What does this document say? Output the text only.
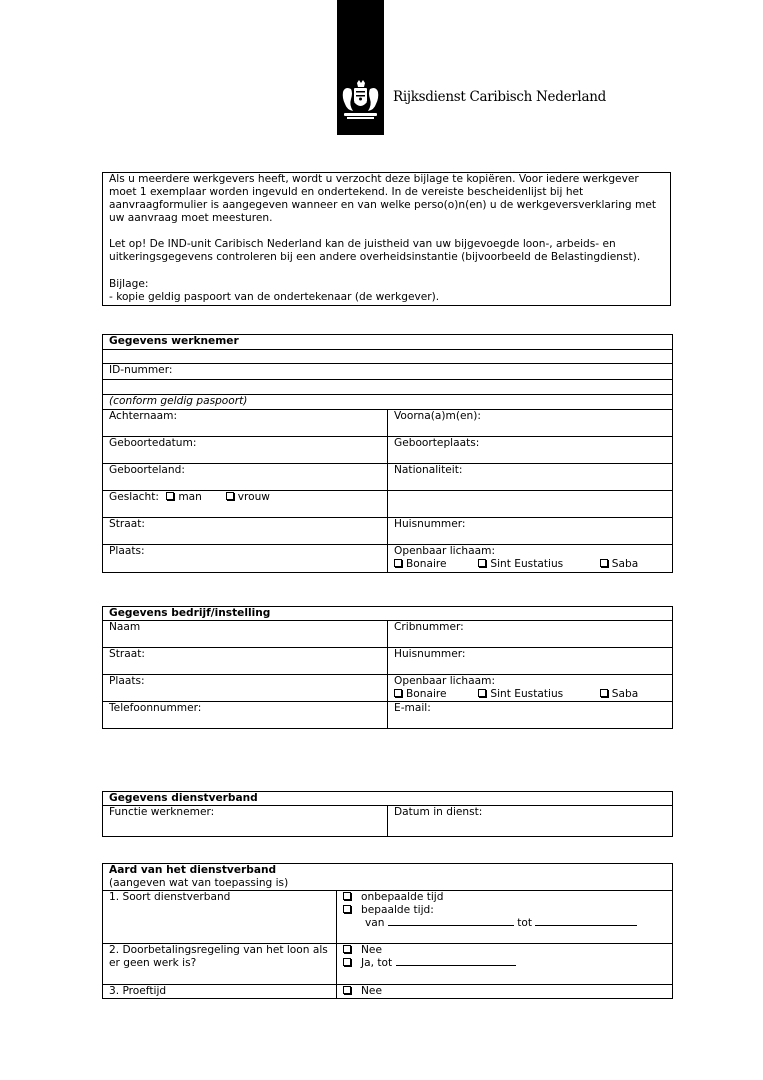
Rijksdienst Caribisch Nederland

Als u meerdere werkgevers heeft, wordt u verzocht deze bijlage te kopiëren. Voor iedere werkgever moet 1 exemplaar worden ingevuld en ondertekend. In de vereiste bescheidenlijst bij het aanvraagformulier is aangegeven wanneer en van welke perso(o)n(en) u de werkgeversverklaring met uw aanvraag moet meesturen.

Let op! De IND-unit Caribisch Nederland kan de juistheid van uw bijgevoegde loon-, arbeids- en uitkeringsgegevens controleren bij een andere overheidsinstantie (bijvoorbeeld de Belastingdienst).

Bijlage:
- kopie geldig paspoort van de ondertekenaar (de werkgever).
Gegevens werknemer	

ID-nummer:	

(conform geldig paspoort)	
Achternaam:	Voorna(a)m(en):
Geboortedatum:	Geboorteplaats:
Geboorteland:	Nationaliteit:
Geslacht: man vrouw	
Straat:	Huisnummer:
Plaats:	Openbaar lichaam:
Bonaire Sint Eustatius Saba
Gegevens bedrijf/instelling	
Naam	Cribnummer:
Straat:	Huisnummer:
Plaats:	Openbaar lichaam:
Bonaire Sint Eustatius Saba

Telefoonnummer:	E-mail:
Gegevens dienstverband
Functie werknemer:	Datum in dienst:
Aard van het dienstverband
(aangeven wat van toepassing is)	

1. Soort dienstverband	onbepaalde tijd
bepaalde tijd:
van tot

2. Doorbetalingsregeling van het loon als er geen werk is?	Nee
Ja, tot

3. Proeftijd	Nee
